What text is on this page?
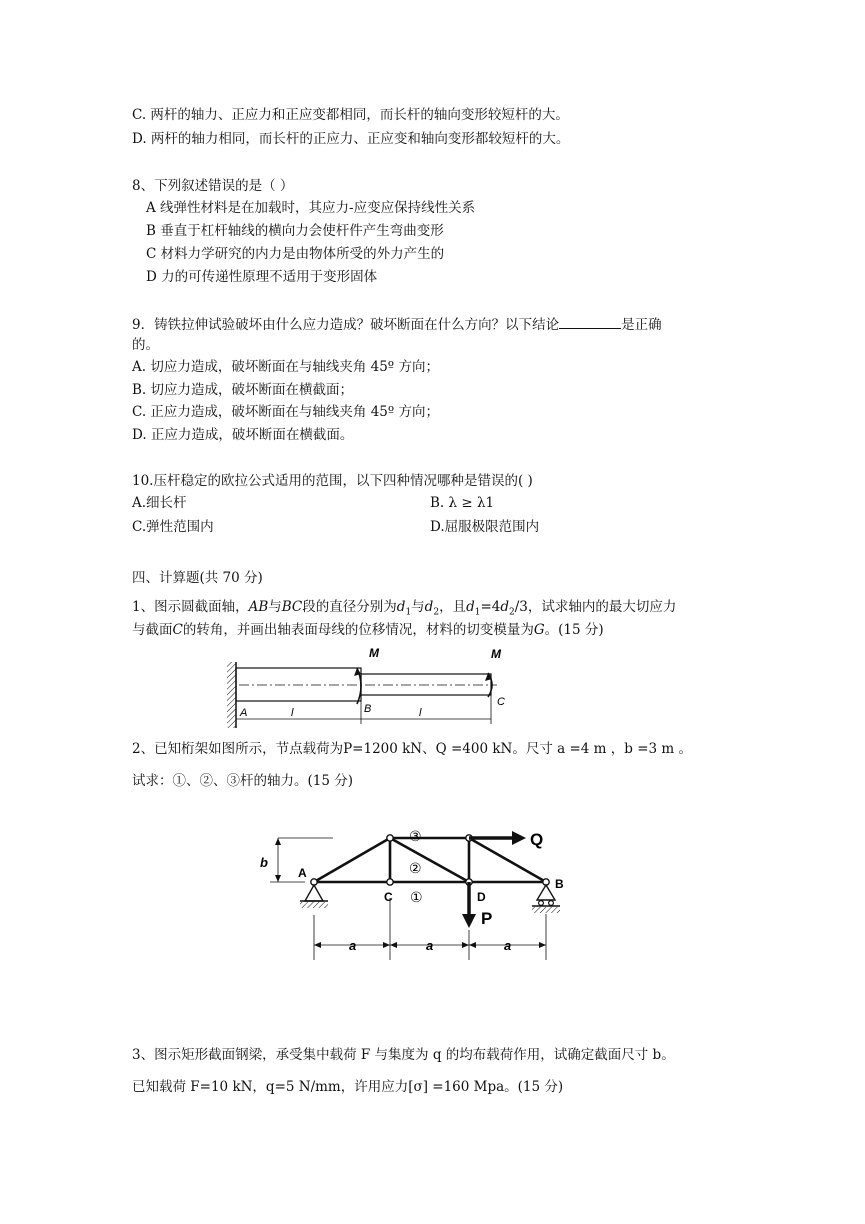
C. 两杆的轴力、正应力和正应变都相同，而长杆的轴向变形较短杆的大。
D. 两杆的轴力相同，而长杆的正应力、正应变和轴向变形都较短杆的大。
8、下列叙述错误的是（ ）
A 线弹性材料是在加载时，其应力-应变应保持线性关系
B 垂直于杠杆轴线的横向力会使杆件产生弯曲变形
C 材料力学研究的内力是由物体所受的外力产生的
D 力的可传递性原理不适用于变形固体
9．铸铁拉伸试验破坏由什么应力造成？破坏断面在什么方向？以下结论	是正确
的。
A. 切应力造成，破坏断面在与轴线夹角 45º 方向；
B. 切应力造成，破坏断面在横截面；
C. 正应力造成，破坏断面在与轴线夹角 45º 方向；
D. 正应力造成，破坏断面在横截面。
10.压杆稳定的欧拉公式适用的范围，以下四种情况哪种是错误的( )
A.细长杆	B. λ ≥ λ1
C.弹性范围内	D.屈服极限范围内
四、计算题(共 70 分)
1、图示圆截面轴，AB与BC段的直径分别为$d_1$与$d_2$，且$d_1=4d_2/3$，试求轴内的最大切应力
与截面C的转角，并画出轴表面母线的位移情况，材料的切变模量为G。(15 分)
M	M
A	B
C
l	l
2、已知桁架如图所示，节点载荷为P=1200 kN、Q =400 kN。尺寸 a =4 m ，b =3 m 。
试求：①、②、③杆的轴力。(15 分)
b
Q
P
A
C	D
B
③
②
①
a	a	a
3、图示矩形截面钢梁，承受集中载荷 F 与集度为 q 的均布载荷作用，试确定截面尺寸 b。
已知载荷 F=10 kN，q=5 N/mm，许用应力[σ] =160 Mpa。(15 分)
